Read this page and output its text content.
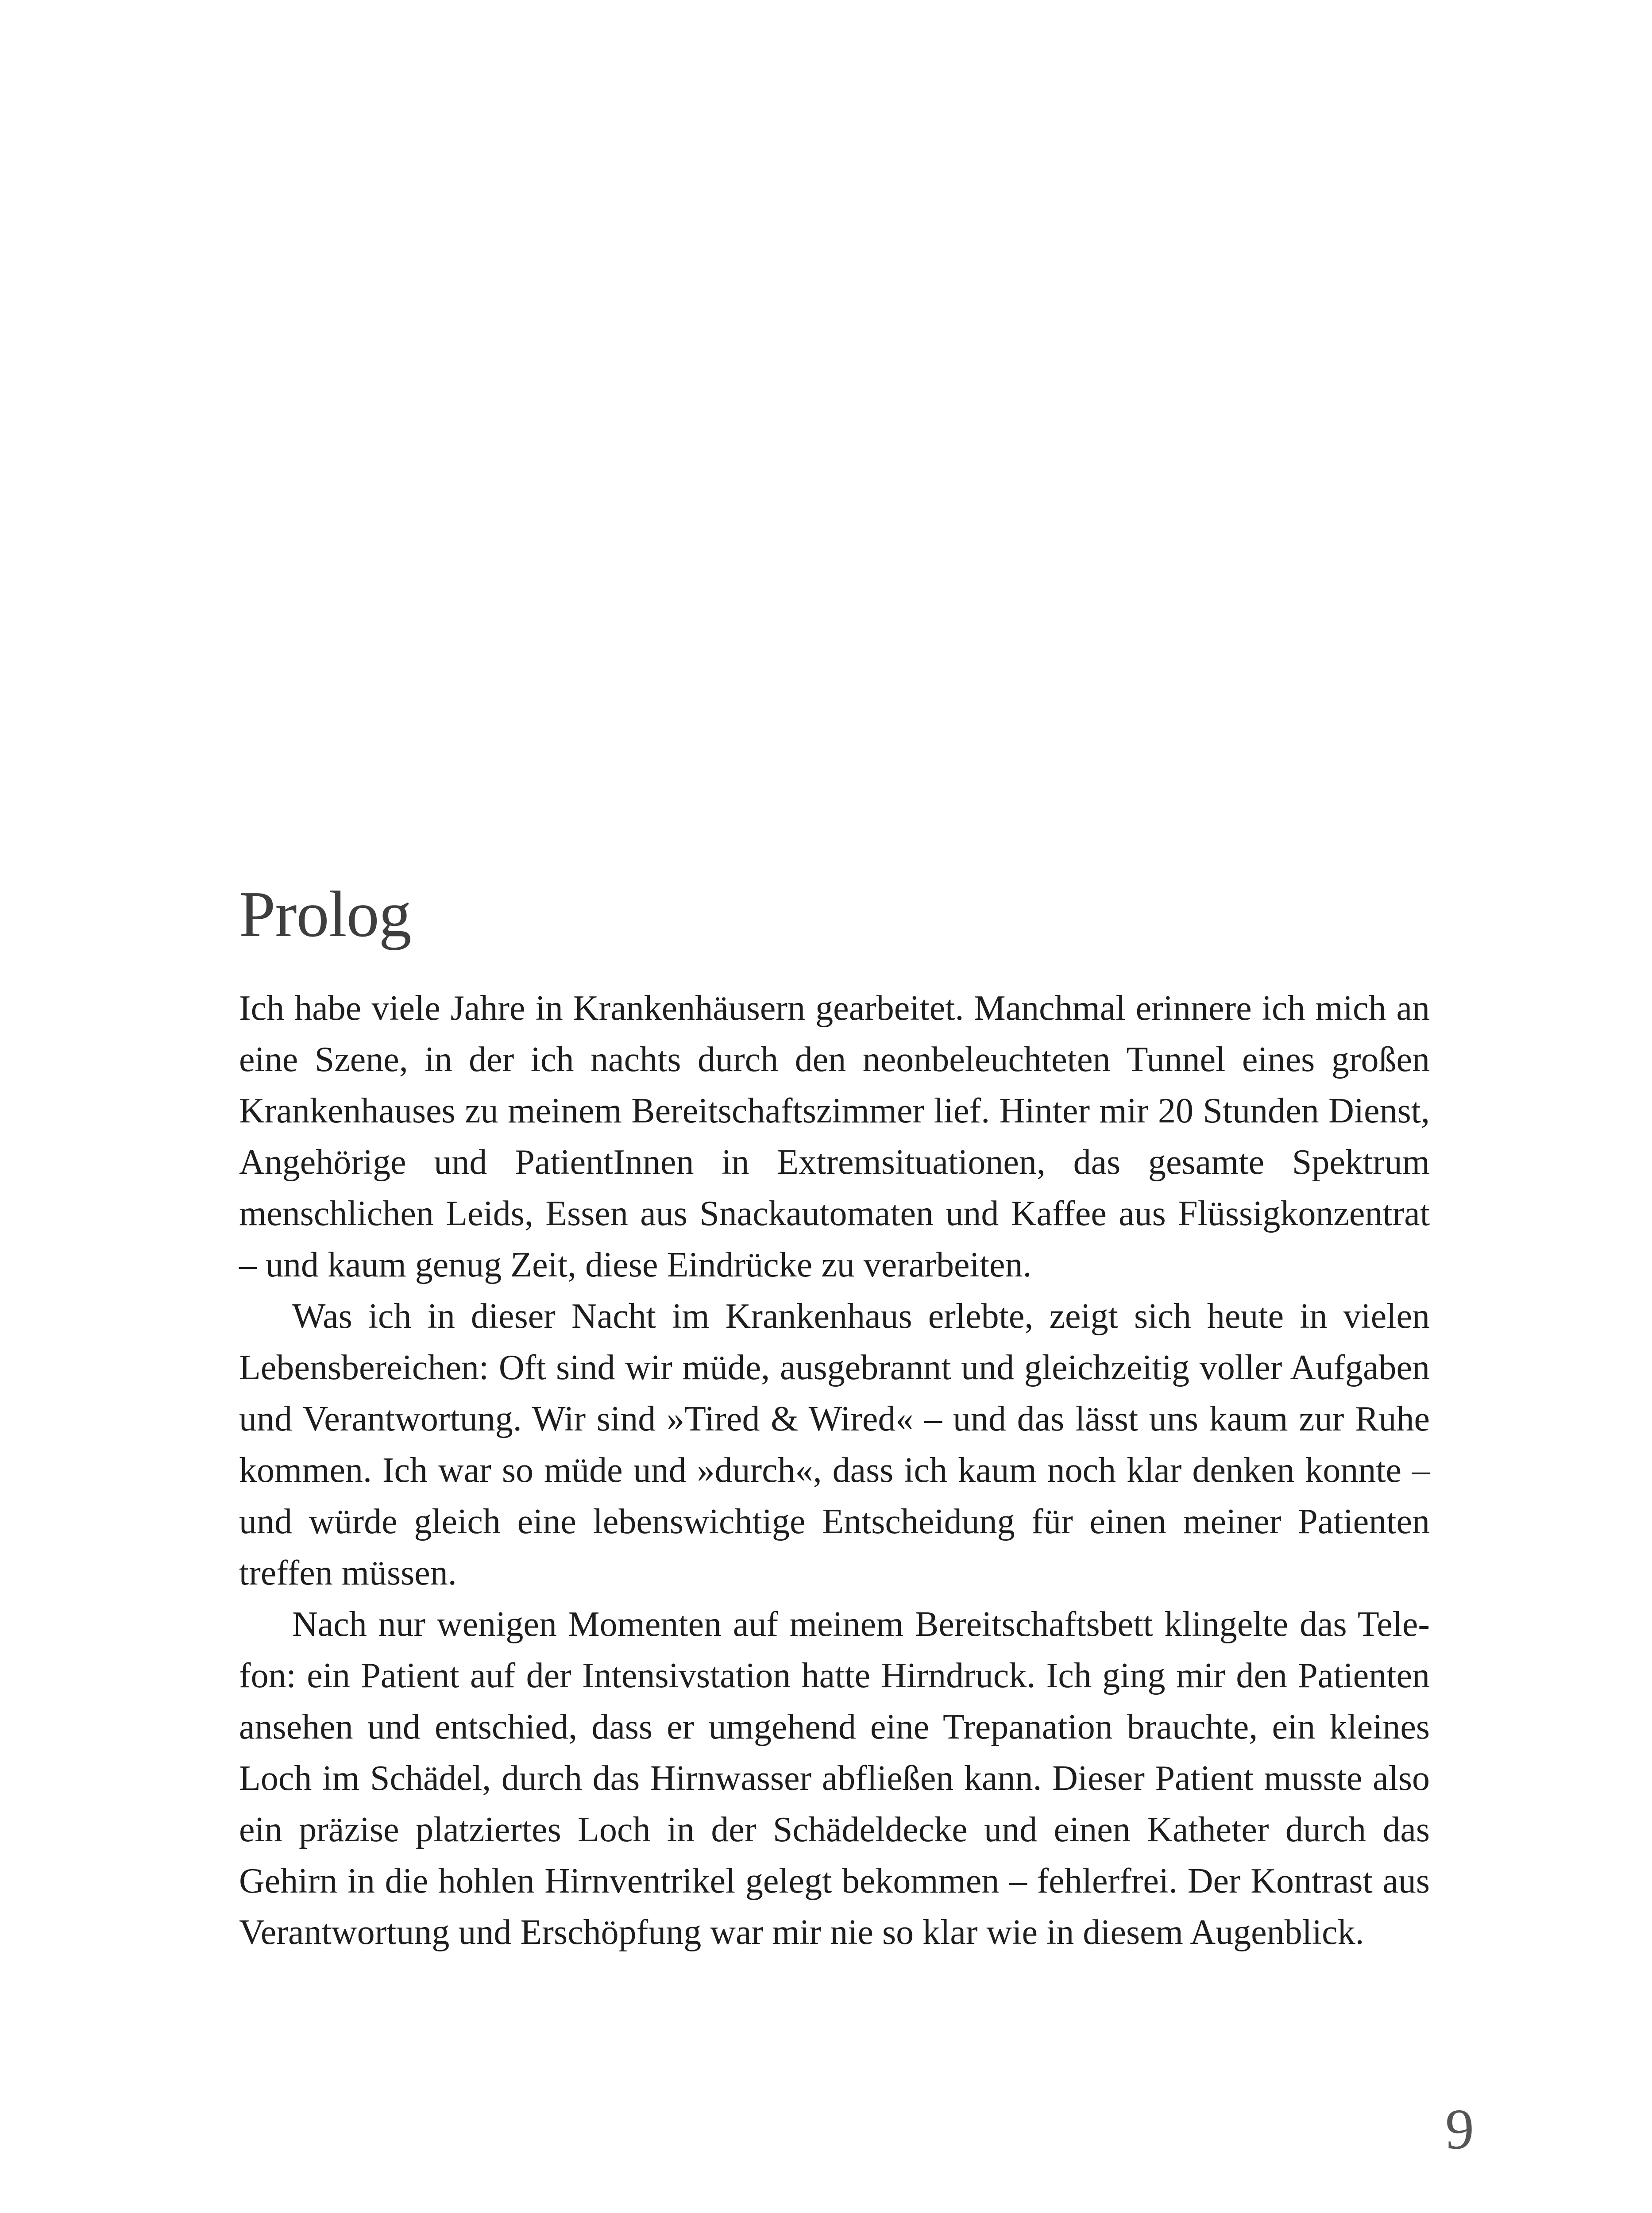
Prolog

Ich habe viele Jahre in Krankenhäusern gearbeitet. Manchmal erinnere ich mich an eine Szene, in der ich nachts durch den neonbeleuchteten Tunnel eines großen Krankenhauses zu meinem Bereitschaftszimmer lief. Hinter mir 20 Stunden Dienst, Angehörige und PatientInnen in Extremsituationen, das gesamte Spektrum menschlichen Leids, Essen aus Snackautomaten und Kaffee aus Flüssigkonzentrat – und kaum genug Zeit, diese Eindrücke zu verarbeiten.

Was ich in dieser Nacht im Krankenhaus erlebte, zeigt sich heute in vielen Lebensbereichen: Oft sind wir müde, ausgebrannt und gleichzeitig voller Aufgaben und Verantwortung. Wir sind »Tired & Wired« – und das lässt uns kaum zur Ruhe kommen. Ich war so müde und »durch«, dass ich kaum noch klar denken konnte – und würde gleich eine lebenswichtige Entscheidung für einen meiner Patienten treffen müssen.

Nach nur wenigen Momenten auf meinem Bereitschaftsbett klingelte das Telefon: ein Patient auf der Intensivstation hatte Hirndruck. Ich ging mir den Patienten ansehen und entschied, dass er umgehend eine Trepanation brauchte, ein kleines Loch im Schädel, durch das Hirnwasser abfließen kann. Dieser Patient musste also ein präzise platziertes Loch in der Schädeldecke und einen Katheter durch das Gehirn in die hohlen Hirnventrikel gelegt bekommen – fehlerfrei. Der Kontrast aus Verantwortung und Erschöpfung war mir nie so klar wie in diesem Augenblick.

9
